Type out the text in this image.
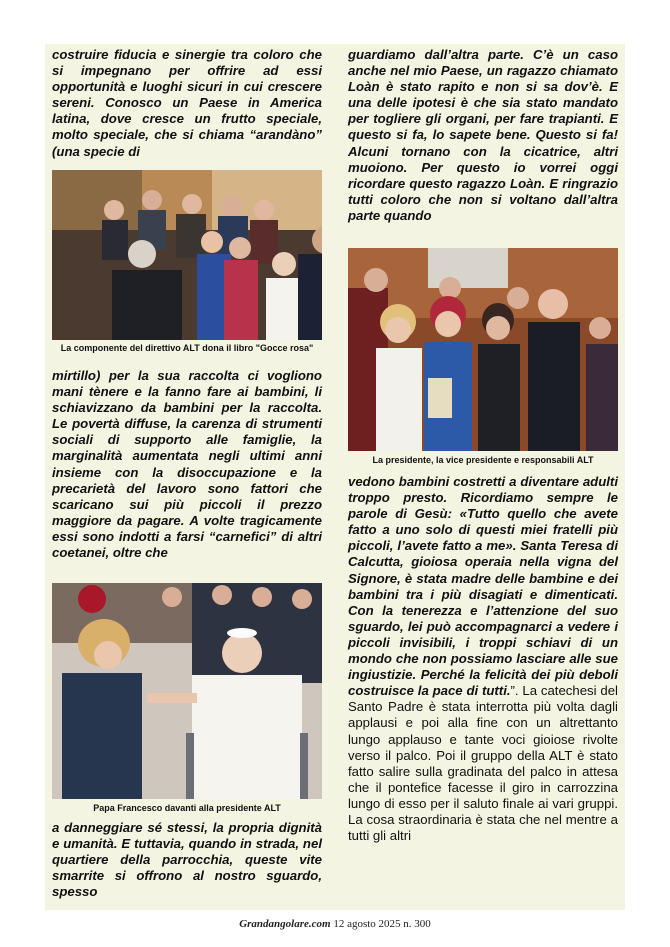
costruire fiducia e sinergie tra coloro che si impegnano per offrire ad essi opportunità e luoghi sicuri in cui crescere sereni. Conosco un Paese in America latina, dove cresce un frutto speciale, molto speciale, che si chiama “arandàno” (una specie di

La componente del direttivo ALT dona il libro "Gocce rosa"

mirtillo) per la sua raccolta ci vogliono mani tènere e la fanno fare ai bambini, li schiavizzano da bambini per la raccolta. Le povertà diffuse, la carenza di strumenti sociali di supporto alle famiglie, la marginalità aumentata negli ultimi anni insieme con la disoccupazione e la precarietà del lavoro sono fattori che scaricano sui più piccoli il prezzo maggiore da pagare. A volte tragicamente essi sono indotti a farsi “carnefici” di altri coetanei, oltre che

Papa Francesco davanti alla presidente ALT

a danneggiare sé stessi, la propria dignità e umanità. E tuttavia, quando in strada, nel quartiere della parrocchia, queste vite smarrite si offrono al nostro sguardo, spesso

guardiamo dall’altra parte. C’è un caso anche nel mio Paese, un ragazzo chiamato Loàn è stato rapito e non si sa dov’è. E una delle ipotesi è che sia stato mandato per togliere gli organi, per fare trapianti. E questo si fa, lo sapete bene. Questo si fa! Alcuni tornano con la cicatrice, altri muoiono. Per questo io vorrei oggi ricordare questo ragazzo Loàn. E ringrazio tutti coloro che non si voltano dall’altra parte quando

La presidente, la vice presidente e responsabili ALT

vedono bambini costretti a diventare adulti troppo presto. Ricordiamo sempre le parole di Gesù: «Tutto quello che avete fatto a uno solo di questi miei fratelli più piccoli, l’avete fatto a me». Santa Teresa di Calcutta, gioiosa operaia nella vigna del Signore, è stata madre delle bambine e dei bambini tra i più disagiati e dimenticati. Con la tenerezza e l’attenzione del suo sguardo, lei può accompagnarci a vedere i piccoli invisibili, i troppi schiavi di un mondo che non possiamo lasciare alle sue ingiustizie. Perché la felicità dei più deboli costruisce la pace di tutti.”. La catechesi del Santo Padre è stata interrotta più volta dagli applausi e poi alla fine con un altrettanto lungo applauso e tante voci gioiose rivolte verso il palco. Poi il gruppo della ALT è stato fatto salire sulla gradinata del palco in attesa che il pontefice facesse il giro in carrozzina lungo di esso per il saluto finale ai vari gruppi. La cosa straordinaria è stata che nel mentre a tutti gli altri

Grandangolare.com 12 agosto 2025 n. 300
